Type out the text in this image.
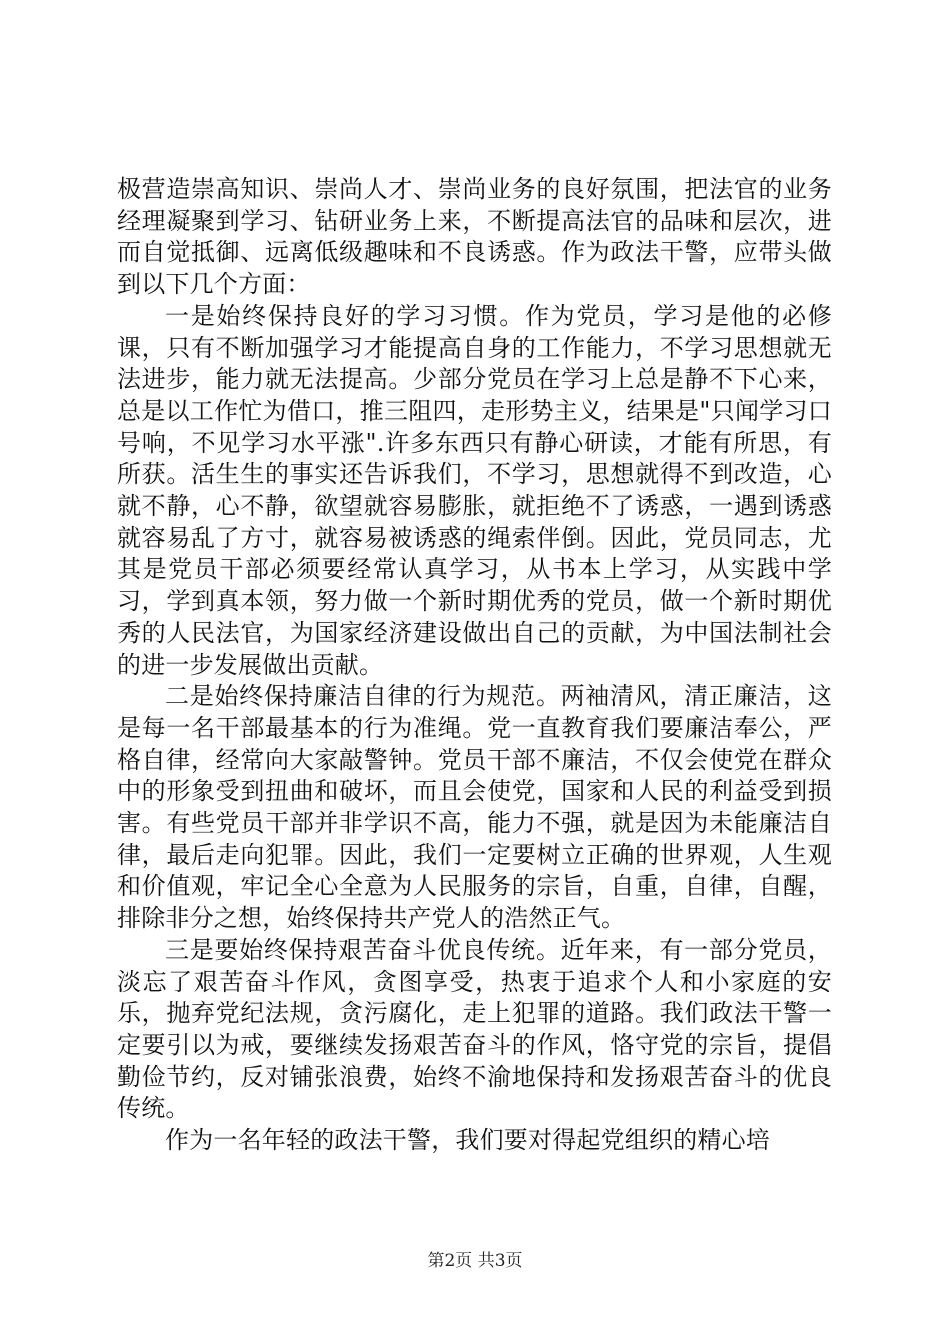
极营造崇高知识、崇尚人才、崇尚业务的良好氛围，把法官的业务经理凝聚到学习、钻研业务上来，不断提高法官的品味和层次，进而自觉抵御、远离低级趣味和不良诱惑。作为政法干警，应带头做到以下几个方面：

一是始终保持良好的学习习惯。作为党员，学习是他的必修课，只有不断加强学习才能提高自身的工作能力，不学习思想就无法进步，能力就无法提高。少部分党员在学习上总是静不下心来，总是以工作忙为借口，推三阻四，走形势主义，结果是"只闻学习口号响，不见学习水平涨".许多东西只有静心研读，才能有所思，有所获。活生生的事实还告诉我们，不学习，思想就得不到改造，心就不静，心不静，欲望就容易膨胀，就拒绝不了诱惑，一遇到诱惑就容易乱了方寸，就容易被诱惑的绳索伴倒。因此，党员同志，尤其是党员干部必须要经常认真学习，从书本上学习，从实践中学习，学到真本领，努力做一个新时期优秀的党员，做一个新时期优秀的人民法官，为国家经济建设做出自己的贡献，为中国法制社会的进一步发展做出贡献。

二是始终保持廉洁自律的行为规范。两袖清风，清正廉洁，这是每一名干部最基本的行为准绳。党一直教育我们要廉洁奉公，严格自律，经常向大家敲警钟。党员干部不廉洁，不仅会使党在群众中的形象受到扭曲和破坏，而且会使党，国家和人民的利益受到损害。有些党员干部并非学识不高，能力不强，就是因为未能廉洁自律，最后走向犯罪。因此，我们一定要树立正确的世界观，人生观和价值观，牢记全心全意为人民服务的宗旨，自重，自律，自醒，排除非分之想，始终保持共产党人的浩然正气。

三是要始终保持艰苦奋斗优良传统。近年来，有一部分党员，淡忘了艰苦奋斗作风，贪图享受，热衷于追求个人和小家庭的安乐，抛弃党纪法规，贪污腐化，走上犯罪的道路。我们政法干警一定要引以为戒，要继续发扬艰苦奋斗的作风，恪守党的宗旨，提倡勤俭节约，反对铺张浪费，始终不渝地保持和发扬艰苦奋斗的优良传统。

作为一名年轻的政法干警，我们要对得起党组织的精心培

第2页 共3页
